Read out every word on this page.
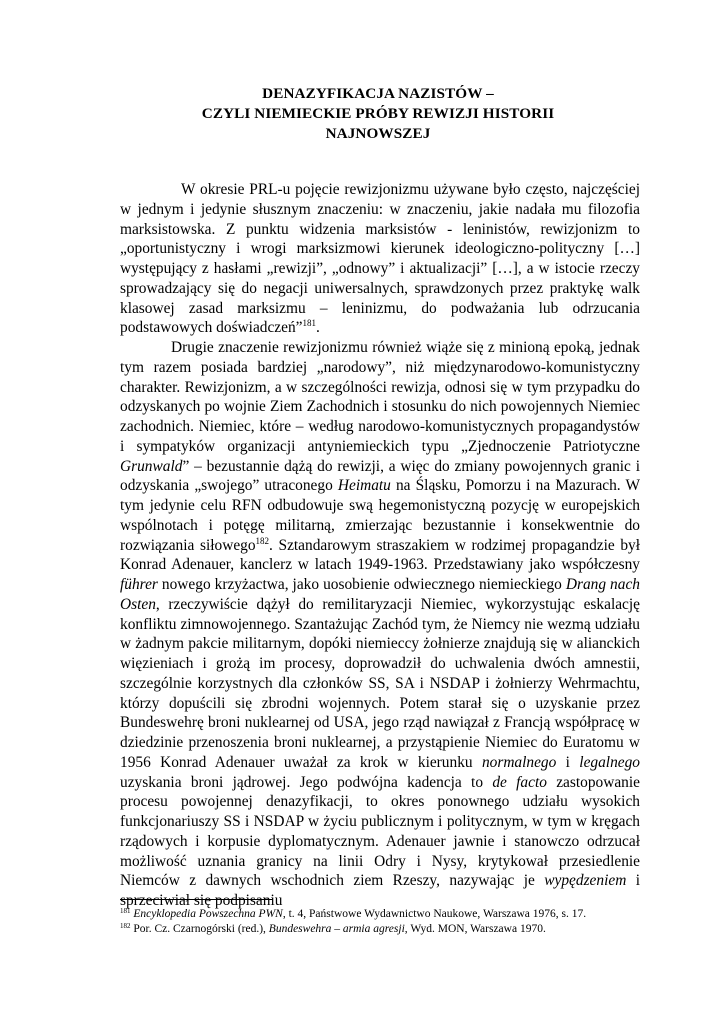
DENAZYFIKACJA NAZISTÓW –
CZYLI NIEMIECKIE PRÓBY REWIZJI HISTORII
NAJNOWSZEJ

W okresie PRL-u pojęcie rewizjonizmu używane było często, najczęściej w jednym i jedynie słusznym znaczeniu: w znaczeniu, jakie nadała mu filozofia marksistowska. Z punktu widzenia marksistów - leninistów, rewizjonizm to „oportunistyczny i wrogi marksizmowi kierunek ideologiczno-polityczny […] występujący z hasłami „rewizji”, „odnowy” i aktualizacji” […], a w istocie rzeczy sprowadzający się do negacji uniwersalnych, sprawdzonych przez praktykę walk klasowej zasad marksizmu – leninizmu, do podważania lub odrzucania podstawowych doświadczeń”$^{181}$.

Drugie znaczenie rewizjonizmu również wiąże się z minioną epoką, jednak tym razem posiada bardziej „narodowy”, niż międzynarodowo-komunistyczny charakter. Rewizjonizm, a w szczególności rewizja, odnosi się w tym przypadku do odzyskanych po wojnie Ziem Zachodnich i stosunku do nich powojennych Niemiec zachodnich. Niemiec, które – według narodowo-komunistycznych propagandystów i sympatyków organizacji antyniemieckich typu „Zjednoczenie Patriotyczne Grunwald” – bezustannie dążą do rewizji, a więc do zmiany powojennych granic i odzyskania „swojego” utraconego Heimatu na Śląsku, Pomorzu i na Mazurach. W tym jedynie celu RFN odbudowuje swą hegemonistyczną pozycję w europejskich wspólnotach i potęgę militarną, zmierzając bezustannie i konsekwentnie do rozwiązania siłowego$^{182}$. Sztandarowym straszakiem w rodzimej propagandzie był Konrad Adenauer, kanclerz w latach 1949-1963. Przedstawiany jako współczesny führer nowego krzyżactwa, jako uosobienie odwiecznego niemieckiego Drang nach Osten, rzeczywiście dążył do remilitaryzacji Niemiec, wykorzystując eskalację konfliktu zimnowojennego. Szantażując Zachód tym, że Niemcy nie wezmą udziału w żadnym pakcie militarnym, dopóki niemieccy żołnierze znajdują się w alianckich więzieniach i grożą im procesy, doprowadził do uchwalenia dwóch amnestii, szczególnie korzystnych dla członków SS, SA i NSDAP i żołnierzy Wehrmachtu, którzy dopuścili się zbrodni wojennych. Potem starał się o uzyskanie przez Bundeswehrę broni nuklearnej od USA, jego rząd nawiązał z Francją współpracę w dziedzinie przenoszenia broni nuklearnej, a przystąpienie Niemiec do Euratomu w 1956 Konrad Adenauer uważał za krok w kierunku normalnego i legalnego uzyskania broni jądrowej. Jego podwójna kadencja to de facto zastopowanie procesu powojennej denazyfikacji, to okres ponownego udziału wysokich funkcjonariuszy SS i NSDAP w życiu publicznym i politycznym, w tym w kręgach rządowych i korpusie dyplomatycznym. Adenauer jawnie i stanowczo odrzucał możliwość uznania granicy na linii Odry i Nysy, krytykował przesiedlenie Niemców z dawnych wschodnich ziem Rzeszy, nazywając je wypędzeniem i sprzeciwiał się podpisaniu

$^{181}$ Encyklopedia Powszechna PWN, t. 4, Państwowe Wydawnictwo Naukowe, Warszawa 1976, s. 17.
$^{182}$ Por. Cz. Czarnogórski (red.), Bundeswehra – armia agresji, Wyd. MON, Warszawa 1970.
